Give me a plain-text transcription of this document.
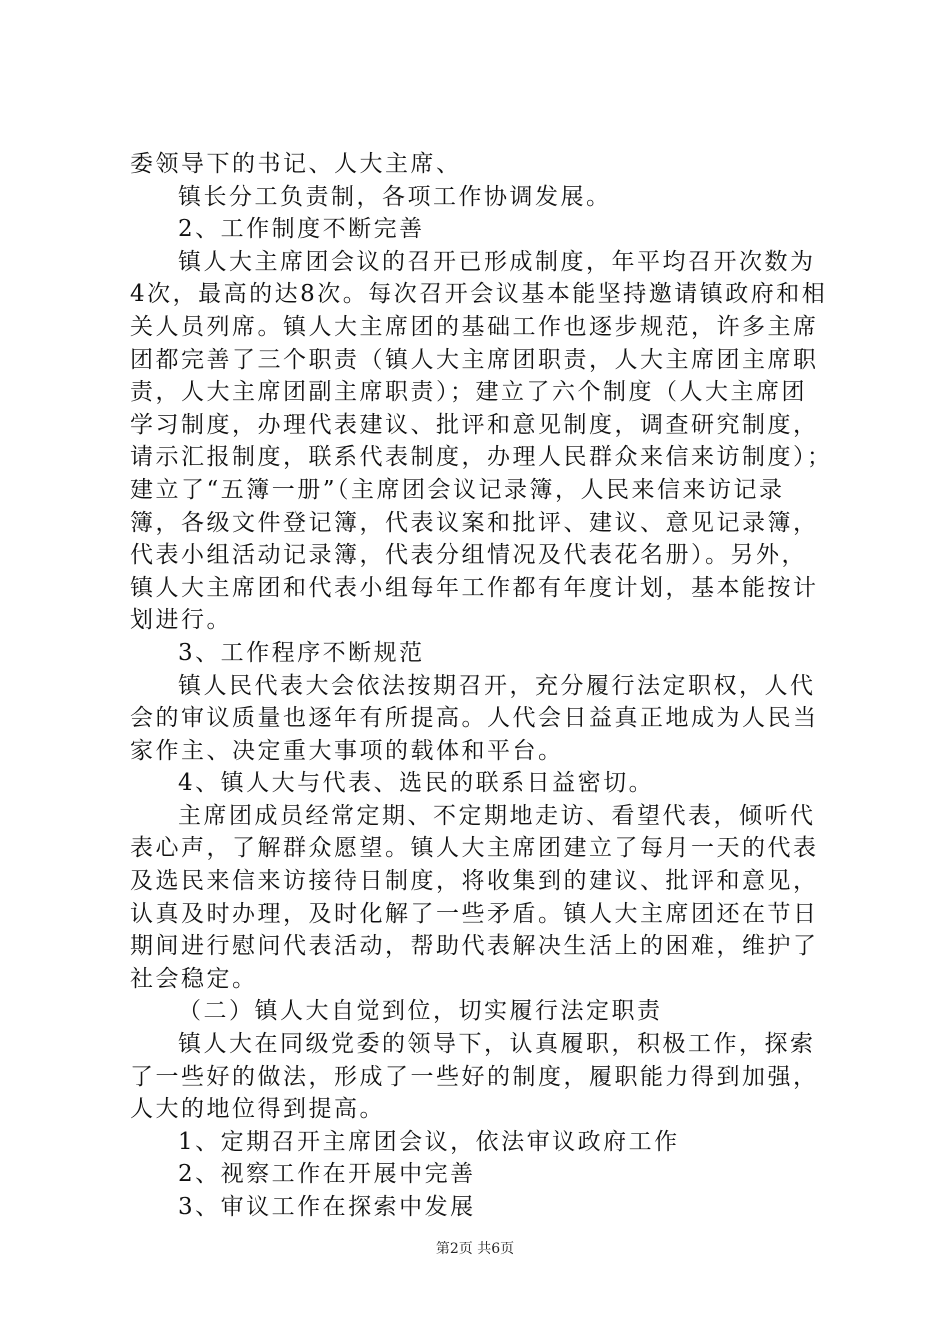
委领导下的书记、人大主席、
镇长分工负责制，各项工作协调发展。
2、工作制度不断完善
镇人大主席团会议的召开已形成制度，年平均召开次数为
4次，最高的达8次。每次召开会议基本能坚持邀请镇政府和相
关人员列席。镇人大主席团的基础工作也逐步规范，许多主席
团都完善了三个职责（镇人大主席团职责，人大主席团主席职
责，人大主席团副主席职责）；建立了六个制度（人大主席团
学习制度，办理代表建议、批评和意见制度，调查研究制度，
请示汇报制度，联系代表制度，办理人民群众来信来访制度）；
建立了“五簿一册”（主席团会议记录簿，人民来信来访记录
簿，各级文件登记簿，代表议案和批评、建议、意见记录簿，
代表小组活动记录簿，代表分组情况及代表花名册）。另外，
镇人大主席团和代表小组每年工作都有年度计划，基本能按计
划进行。
3、工作程序不断规范
镇人民代表大会依法按期召开，充分履行法定职权，人代
会的审议质量也逐年有所提高。人代会日益真正地成为人民当
家作主、决定重大事项的载体和平台。
4、镇人大与代表、选民的联系日益密切。
主席团成员经常定期、不定期地走访、看望代表，倾听代
表心声，了解群众愿望。镇人大主席团建立了每月一天的代表
及选民来信来访接待日制度，将收集到的建议、批评和意见，
认真及时办理，及时化解了一些矛盾。镇人大主席团还在节日
期间进行慰问代表活动，帮助代表解决生活上的困难，维护了
社会稳定。
（二）镇人大自觉到位，切实履行法定职责
镇人大在同级党委的领导下，认真履职，积极工作，探索
了一些好的做法，形成了一些好的制度，履职能力得到加强，
人大的地位得到提高。
1、定期召开主席团会议，依法审议政府工作
2、视察工作在开展中完善
3、审议工作在探索中发展
第2页 共6页
